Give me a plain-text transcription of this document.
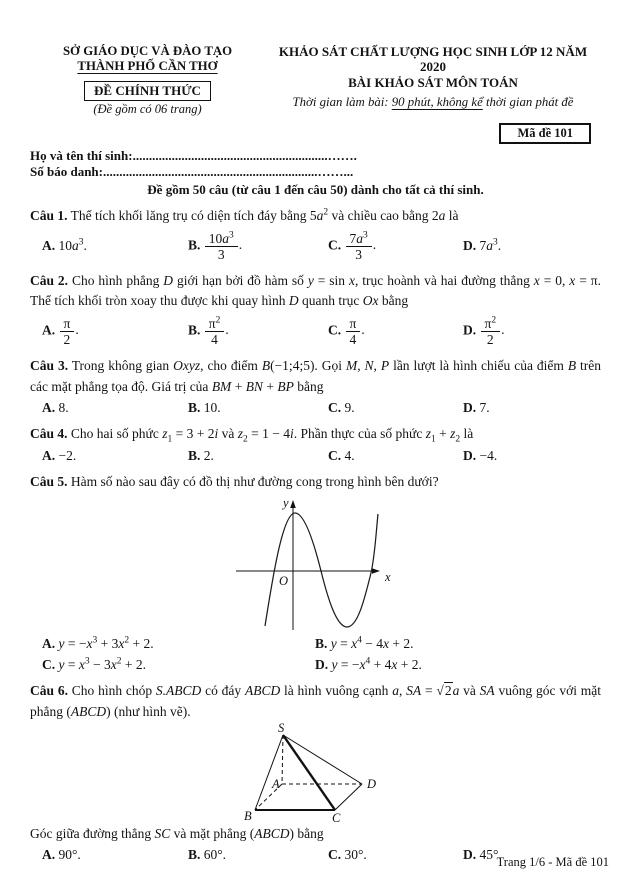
SỞ GIÁO DỤC VÀ ĐÀO TẠO
THÀNH PHỐ CẦN THƠ
ĐỀ CHÍNH THỨC
(Đề gồm có 06 trang)
KHẢO SÁT CHẤT LƯỢNG HỌC SINH LỚP 12 NĂM 2020
BÀI KHẢO SÁT MÔN TOÁN
Thời gian làm bài: 90 phút, không kể thời gian phát đề
Mã đề 101
Họ và tên thí sinh:............................................................…….
Số báo danh:..................................................................……...
Đề gồm 50 câu (từ câu 1 đến câu 50) dành cho tất cả thí sinh.

Câu 1. Thể tích khối lăng trụ có diện tích đáy bằng $5a^2$ và chiều cao bằng 2a là

A. $10a^3$.	B. $\frac{10a^3}{3}$ .	C. $\frac{7a^3}{3}$ .	D. $7a^3$.

Câu 2. Cho hình phẳng D giới hạn bởi đồ hàm số y = sin x, trục hoành và hai đường thẳng x = 0, x = π. Thể tích khối tròn xoay thu được khi quay hình D quanh trục Ox bằng

A. $\frac{\pi}{2}$ .	B. $\frac{\pi^2}{4}$ .	C. $\frac{\pi}{4}$ .	D. $\frac{\pi^2}{2}$ .

Câu 3. Trong không gian Oxyz, cho điểm B(−1;4;5). Gọi M, N, P lần lượt là hình chiếu của điểm B trên các mặt phẳng tọa độ. Giá trị của BM + BN + BP bằng

A. 8.	B. 10.	C. 9.	D. 7.

Câu 4. Cho hai số phức $z_1 = 3 + 2i$ và $z_2 = 1 - 4i$. Phần thực của số phức $z_1 + z_2$ là

A. −2.	B. 2.	C. 4.	D. −4.

Câu 5. Hàm số nào sau đây có đồ thị như đường cong trong hình bên dưới?

y
x
O
A. $y = -x^3 + 3x^2 + 2$.	B. $y = x^4 - 4x + 2$.
C. $y = x^3 - 3x^2 + 2$.	D. $y = -x^4 + 4x + 2$.

Câu 6. Cho hình chóp S.ABCD có đáy ABCD là hình vuông cạnh a, SA = √2a và SA vuông góc với mặt phẳng (ABCD) (như hình vẽ).

S
A
B	C
D

Góc giữa đường thẳng SC và mặt phẳng (ABCD) bằng

A. 90°.	B. 60°.	C. 30°.	D. 45°.
Trang 1/6 - Mã đề 101
